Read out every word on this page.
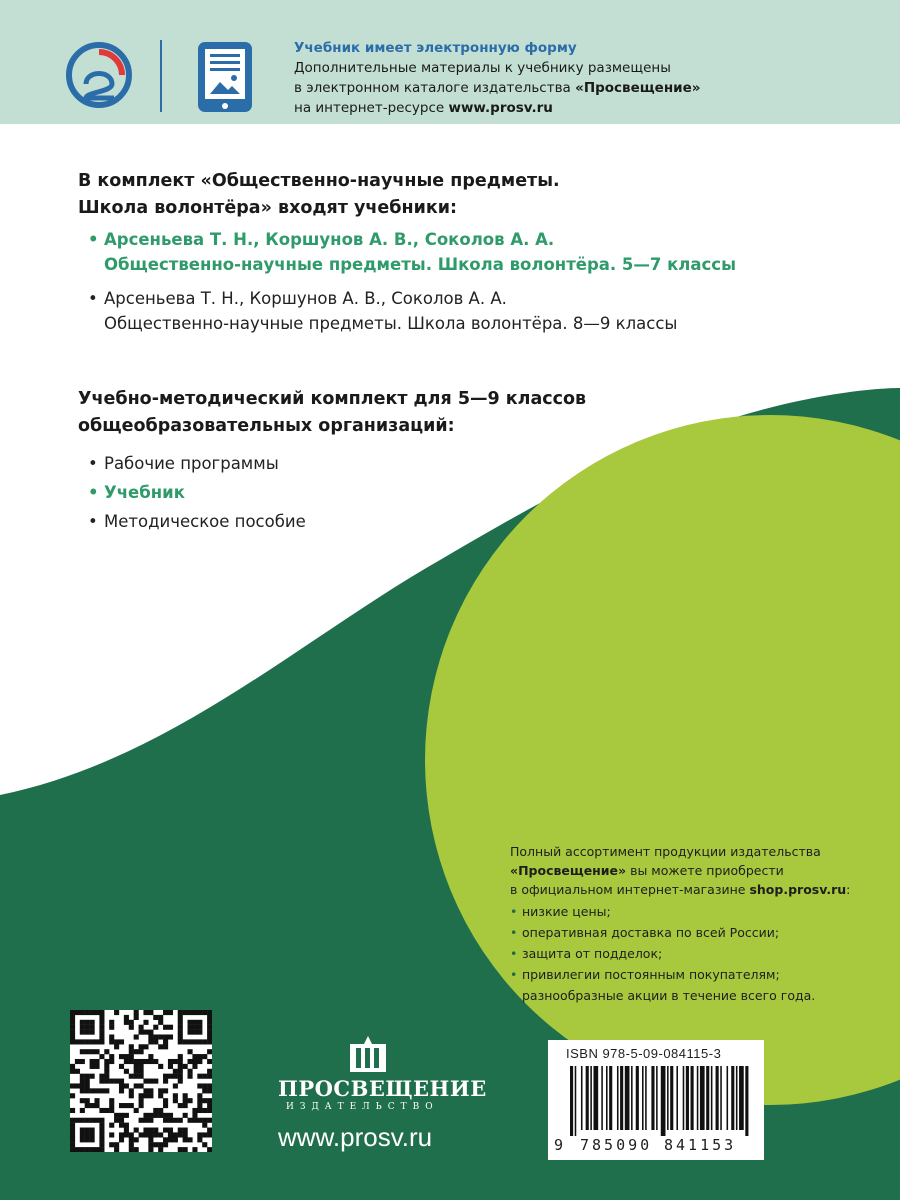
Учебник имеет электронную форму
Дополнительные материалы к учебнику размещены
в электронном каталоге издательства «Просвещение»
на интернет-ресурсе www.prosv.ru
В комплект «Общественно-научные предметы.
Школа волонтёра» входят учебники:
• Арсеньева Т. Н., Коршунов А. В., Соколов А. А.
Общественно-научные предметы. Школа волонтёра. 5—7 классы
• Арсеньева Т. Н., Коршунов А. В., Соколов А. А.
Общественно-научные предметы. Школа волонтёра. 8—9 классы
Учебно-методический комплект для 5—9 классов
общеобразовательных организаций:
• Рабочие программы
• Учебник
• Методическое пособие
Полный ассортимент продукции издательства
«Просвещение» вы можете приобрести
в официальном интернет-магазине shop.prosv.ru:
• низкие цены;
• оперативная доставка по всей России;
• защита от подделок;
• привилегии постоянным покупателям;
• разнообразные акции в течение всего года.
ПРОСВЕЩЕНИЕ
ИЗДАТЕЛЬСТВО
www.prosv.ru
ISBN 978-5-09-084115-3
9 785090 841153
